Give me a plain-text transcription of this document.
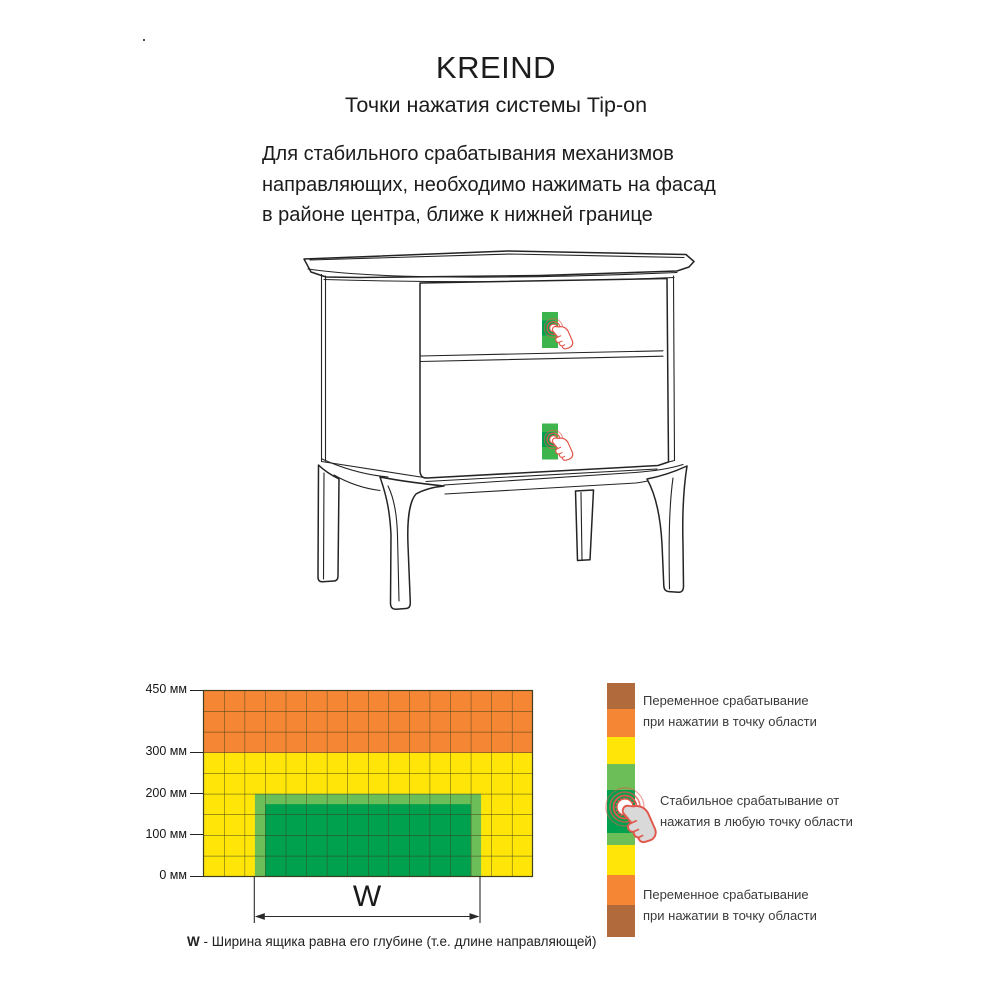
·
KREIND
Точки нажатия системы Tip-on
Для стабильного срабатывания механизмов
направляющих, необходимо нажимать на фасад
в районе центра, ближе к нижней границе
450 мм
300 мм
200 мм
100 мм
0 мм
W
W - Ширина ящика равна его глубине (т.е. длине направляющей)
Переменное срабатывание
при нажатии в точку области
Стабильное срабатывание от
нажатия в любую точку области
Переменное срабатывание
при нажатии в точку области
